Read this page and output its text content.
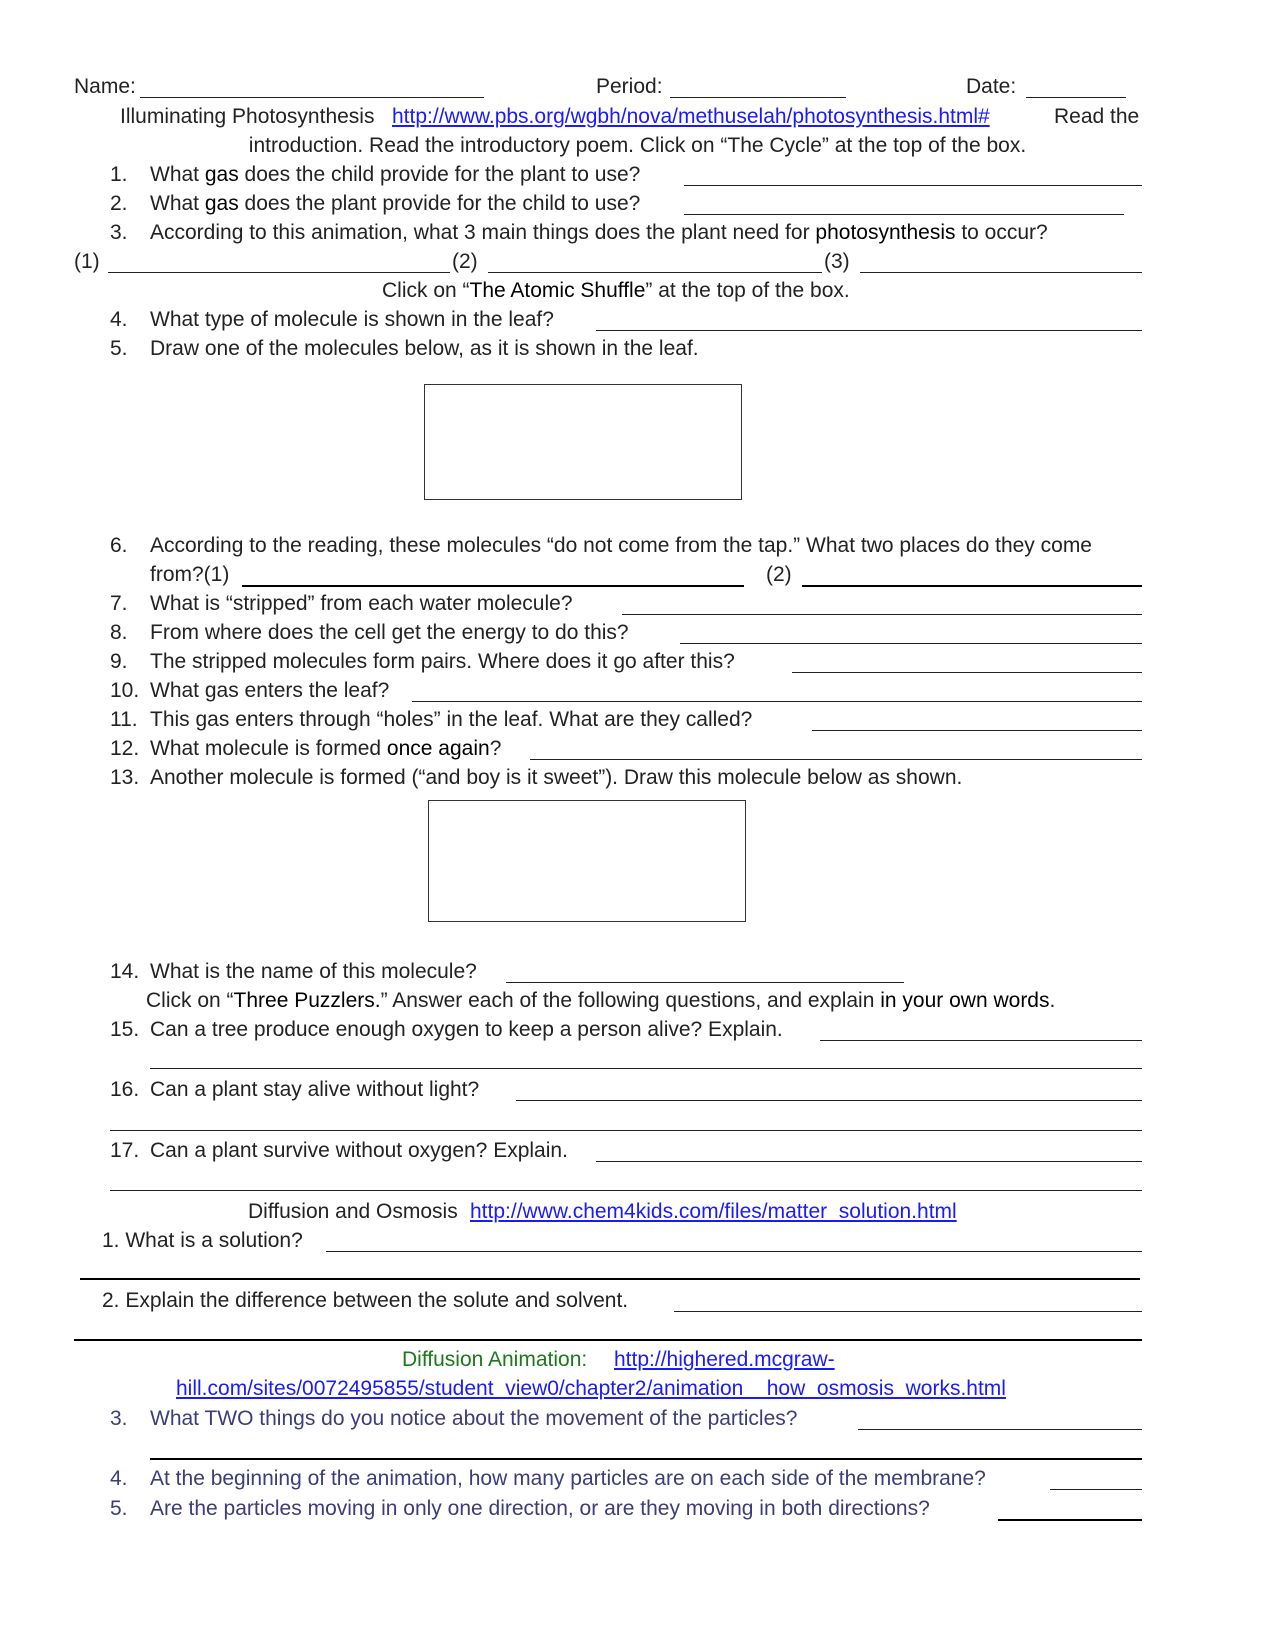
Name:	Period:	Date:
Illuminating Photosynthesis http://www.pbs.org/wgbh/nova/methuselah/photosynthesis.html#	Read the
introduction. Read the introductory poem. Click on “The Cycle” at the top of the box.
1.	What gas does the child provide for the plant to use?
2.	What gas does the plant provide for the child to use?
3.	According to this animation, what 3 main things does the plant need for photosynthesis to occur?
(1)	(2)	(3)
Click on “The Atomic Shuffle” at the top of the box.
4.	What type of molecule is shown in the leaf?
5.	Draw one of the molecules below, as it is shown in the leaf.
6.	According to the reading, these molecules “do not come from the tap.” What two places do they come
from?(1)	(2)
7.	What is “stripped” from each water molecule?
8.	From where does the cell get the energy to do this?
9.	The stripped molecules form pairs. Where does it go after this?
10. What gas enters the leaf?
11. This gas enters through “holes” in the leaf. What are they called?
12. What molecule is formed once again?
13. Another molecule is formed (“and boy is it sweet”). Draw this molecule below as shown.
14. What is the name of this molecule?
Click on “Three Puzzlers.” Answer each of the following questions, and explain in your own words.
15. Can a tree produce enough oxygen to keep a person alive? Explain.
16. Can a plant stay alive without light?
17. Can a plant survive without oxygen? Explain.
Diffusion and Osmosis http://www.chem4kids.com/files/matter_solution.html
1. What is a solution?
2. Explain the difference between the solute and solvent.
Diffusion Animation: http://highered.mcgraw-
hill.com/sites/0072495855/student_view0/chapter2/animation__how_osmosis_works.html
3.	What TWO things do you notice about the movement of the particles?
4.	At the beginning of the animation, how many particles are on each side of the membrane?
5.	Are the particles moving in only one direction, or are they moving in both directions?
